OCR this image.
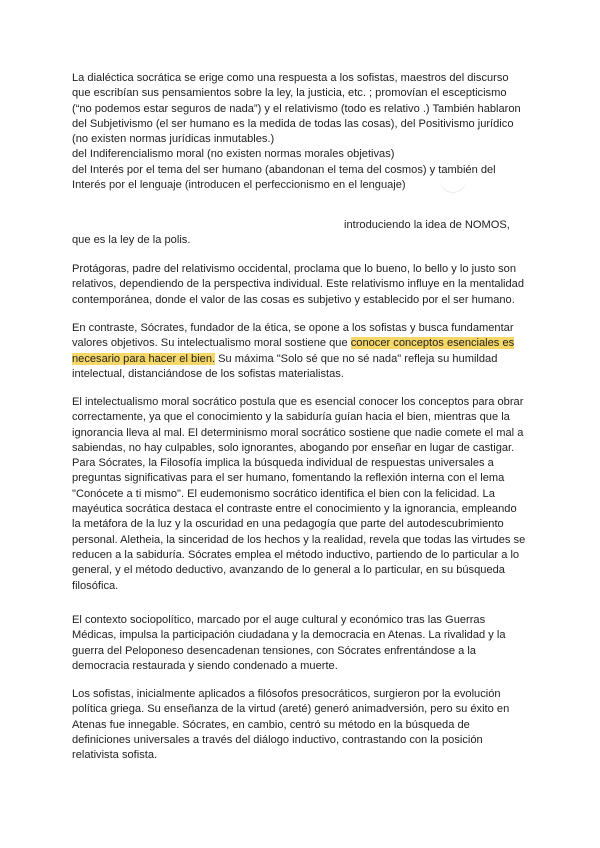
La dialéctica socrática se erige como una respuesta a los sofistas, maestros del discurso
que escribían sus pensamientos sobre la ley, la justicia, etc. ; promovían el escepticismo
(“no podemos estar seguros de nada”) y el relativismo (todo es relativo .) También hablaron
del Subjetivismo (el ser humano es la medida de todas las cosas), del Positivismo jurídico
(no existen normas jurídicas inmutables.)
del Indiferencialismo moral (no existen normas morales objetivas)
del Interés por el tema del ser humano (abandonan el tema del cosmos) y también del
Interés por el lenguaje (introducen el perfeccionismo en el lenguaje)
introduciendo la idea de NOMOS,
que es la ley de la polis.
Protágoras, padre del relativismo occidental, proclama que lo bueno, lo bello y lo justo son
relativos, dependiendo de la perspectiva individual. Este relativismo influye en la mentalidad
contemporánea, donde el valor de las cosas es subjetivo y establecido por el ser humano.
En contraste, Sócrates, fundador de la ética, se opone a los sofistas y busca fundamentar
valores objetivos. Su intelectualismo moral sostiene que conocer conceptos esenciales es
necesario para hacer el bien. Su máxima "Solo sé que no sé nada" refleja su humildad
intelectual, distanciándose de los sofistas materialistas.
El intelectualismo moral socrático postula que es esencial conocer los conceptos para obrar
correctamente, ya que el conocimiento y la sabiduría guían hacia el bien, mientras que la
ignorancia lleva al mal. El determinismo moral socrático sostiene que nadie comete el mal a
sabiendas, no hay culpables, solo ignorantes, abogando por enseñar en lugar de castigar.
Para Sócrates, la Filosofía implica la búsqueda individual de respuestas universales a
preguntas significativas para el ser humano, fomentando la reflexión interna con el lema
"Conócete a ti mismo". El eudemonismo socrático identifica el bien con la felicidad. La
mayéutica socrática destaca el contraste entre el conocimiento y la ignorancia, empleando
la metáfora de la luz y la oscuridad en una pedagogía que parte del autodescubrimiento
personal. Aletheia, la sinceridad de los hechos y la realidad, revela que todas las virtudes se
reducen a la sabiduría. Sócrates emplea el método inductivo, partiendo de lo particular a lo
general, y el método deductivo, avanzando de lo general a lo particular, en su búsqueda
filosófica.
El contexto sociopolítico, marcado por el auge cultural y económico tras las Guerras
Médicas, impulsa la participación ciudadana y la democracia en Atenas. La rivalidad y la
guerra del Peloponeso desencadenan tensiones, con Sócrates enfrentándose a la
democracia restaurada y siendo condenado a muerte.
Los sofistas, inicialmente aplicados a filósofos presocráticos, surgieron por la evolución
política griega. Su enseñanza de la virtud (areté) generó animadversión, pero su éxito en
Atenas fue innegable. Sócrates, en cambio, centró su método en la búsqueda de
definiciones universales a través del diálogo inductivo, contrastando con la posición
relativista sofista.
